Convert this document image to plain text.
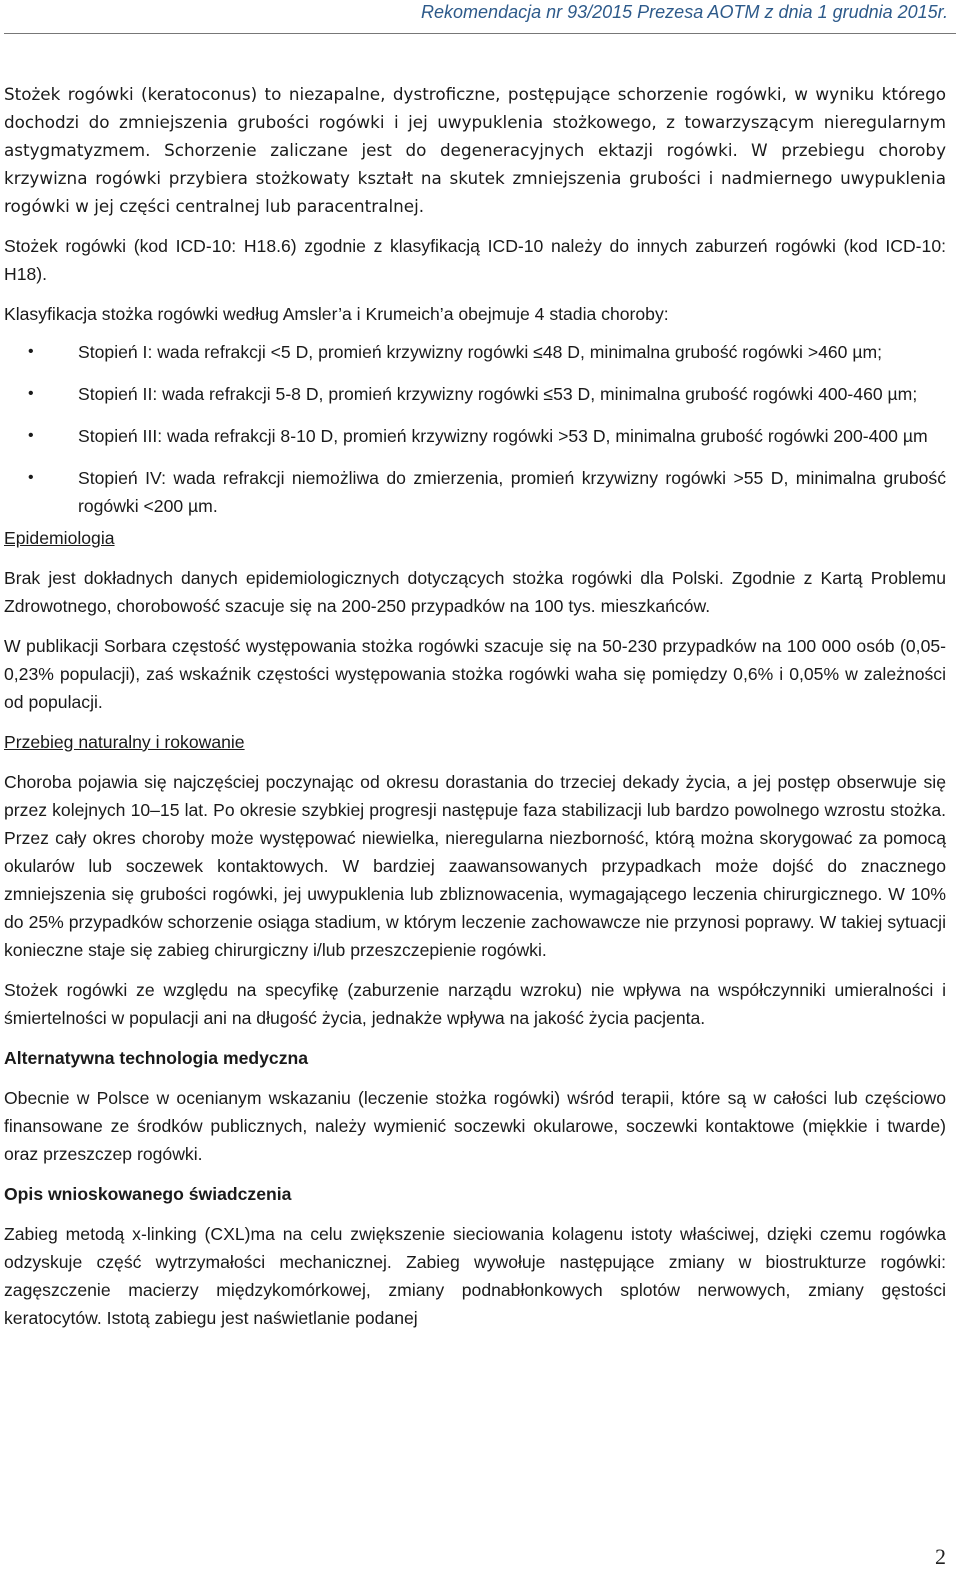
Rekomendacja nr 93/2015 Prezesa AOTM z dnia 1 grudnia 2015r.

Stożek rogówki (keratoconus) to niezapalne, dystroficzne, postępujące schorzenie rogówki, w wyniku którego dochodzi do zmniejszenia grubości rogówki i jej uwypuklenia stożkowego, z towarzyszącym nieregularnym astygmatyzmem. Schorzenie zaliczane jest do degeneracyjnych ektazji rogówki. W przebiegu choroby krzywizna rogówki przybiera stożkowaty kształt na skutek zmniejszenia grubości i nadmiernego uwypuklenia rogówki w jej części centralnej lub paracentralnej.

Stożek rogówki (kod ICD-10: H18.6) zgodnie z klasyfikacją ICD-10 należy do innych zaburzeń rogówki (kod ICD-10: H18).

Klasyfikacja stożka rogówki według Amsler’a i Krumeich’a obejmuje 4 stadia choroby:

•	Stopień I: wada refrakcji <5 D, promień krzywizny rogówki ≤48 D, minimalna grubość rogówki >460 µm;
•	Stopień II: wada refrakcji 5-8 D, promień krzywizny rogówki ≤53 D, minimalna grubość rogówki 400-460 µm;
•	Stopień III: wada refrakcji 8-10 D, promień krzywizny rogówki >53 D, minimalna grubość rogówki 200-400 µm
•	Stopień IV: wada refrakcji niemożliwa do zmierzenia, promień krzywizny rogówki >55 D, minimalna grubość rogówki <200 µm.

Epidemiologia

Brak jest dokładnych danych epidemiologicznych dotyczących stożka rogówki dla Polski. Zgodnie z Kartą Problemu Zdrowotnego, chorobowość szacuje się na 200-250 przypadków na 100 tys. mieszkańców.

W publikacji Sorbara częstość występowania stożka rogówki szacuje się na 50-230 przypadków na 100 000 osób (0,05-0,23% populacji), zaś wskaźnik częstości występowania stożka rogówki waha się pomiędzy 0,6% i 0,05% w zależności od populacji.

Przebieg naturalny i rokowanie

Choroba pojawia się najczęściej poczynając od okresu dorastania do trzeciej dekady życia, a jej postęp obserwuje się przez kolejnych 10–15 lat. Po okresie szybkiej progresji następuje faza stabilizacji lub bardzo powolnego wzrostu stożka. Przez cały okres choroby może występować niewielka, nieregularna niezborność, którą można skorygować za pomocą okularów lub soczewek kontaktowych. W bardziej zaawansowanych przypadkach może dojść do znacznego zmniejszenia się grubości rogówki, jej uwypuklenia lub zbliznowacenia, wymagającego leczenia chirurgicznego. W 10% do 25% przypadków schorzenie osiąga stadium, w którym leczenie zachowawcze nie przynosi poprawy. W takiej sytuacji konieczne staje się zabieg chirurgiczny i/lub przeszczepienie rogówki.

Stożek rogówki ze względu na specyfikę (zaburzenie narządu wzroku) nie wpływa na współczynniki umieralności i śmiertelności w populacji ani na długość życia, jednakże wpływa na jakość życia pacjenta.

Alternatywna technologia medyczna

Obecnie w Polsce w ocenianym wskazaniu (leczenie stożka rogówki) wśród terapii, które są w całości lub częściowo finansowane ze środków publicznych, należy wymienić soczewki okularowe, soczewki kontaktowe (miękkie i twarde) oraz przeszczep rogówki.

Opis wnioskowanego świadczenia

Zabieg metodą x-linking (CXL)ma na celu zwiększenie sieciowania kolagenu istoty właściwej, dzięki czemu rogówka odzyskuje część wytrzymałości mechanicznej. Zabieg wywołuje następujące zmiany w biostrukturze rogówki: zagęszczenie macierzy międzykomórkowej, zmiany podnabłonkowych splotów nerwowych, zmiany gęstości keratocytów. Istotą zabiegu jest naświetlanie podanej

2
